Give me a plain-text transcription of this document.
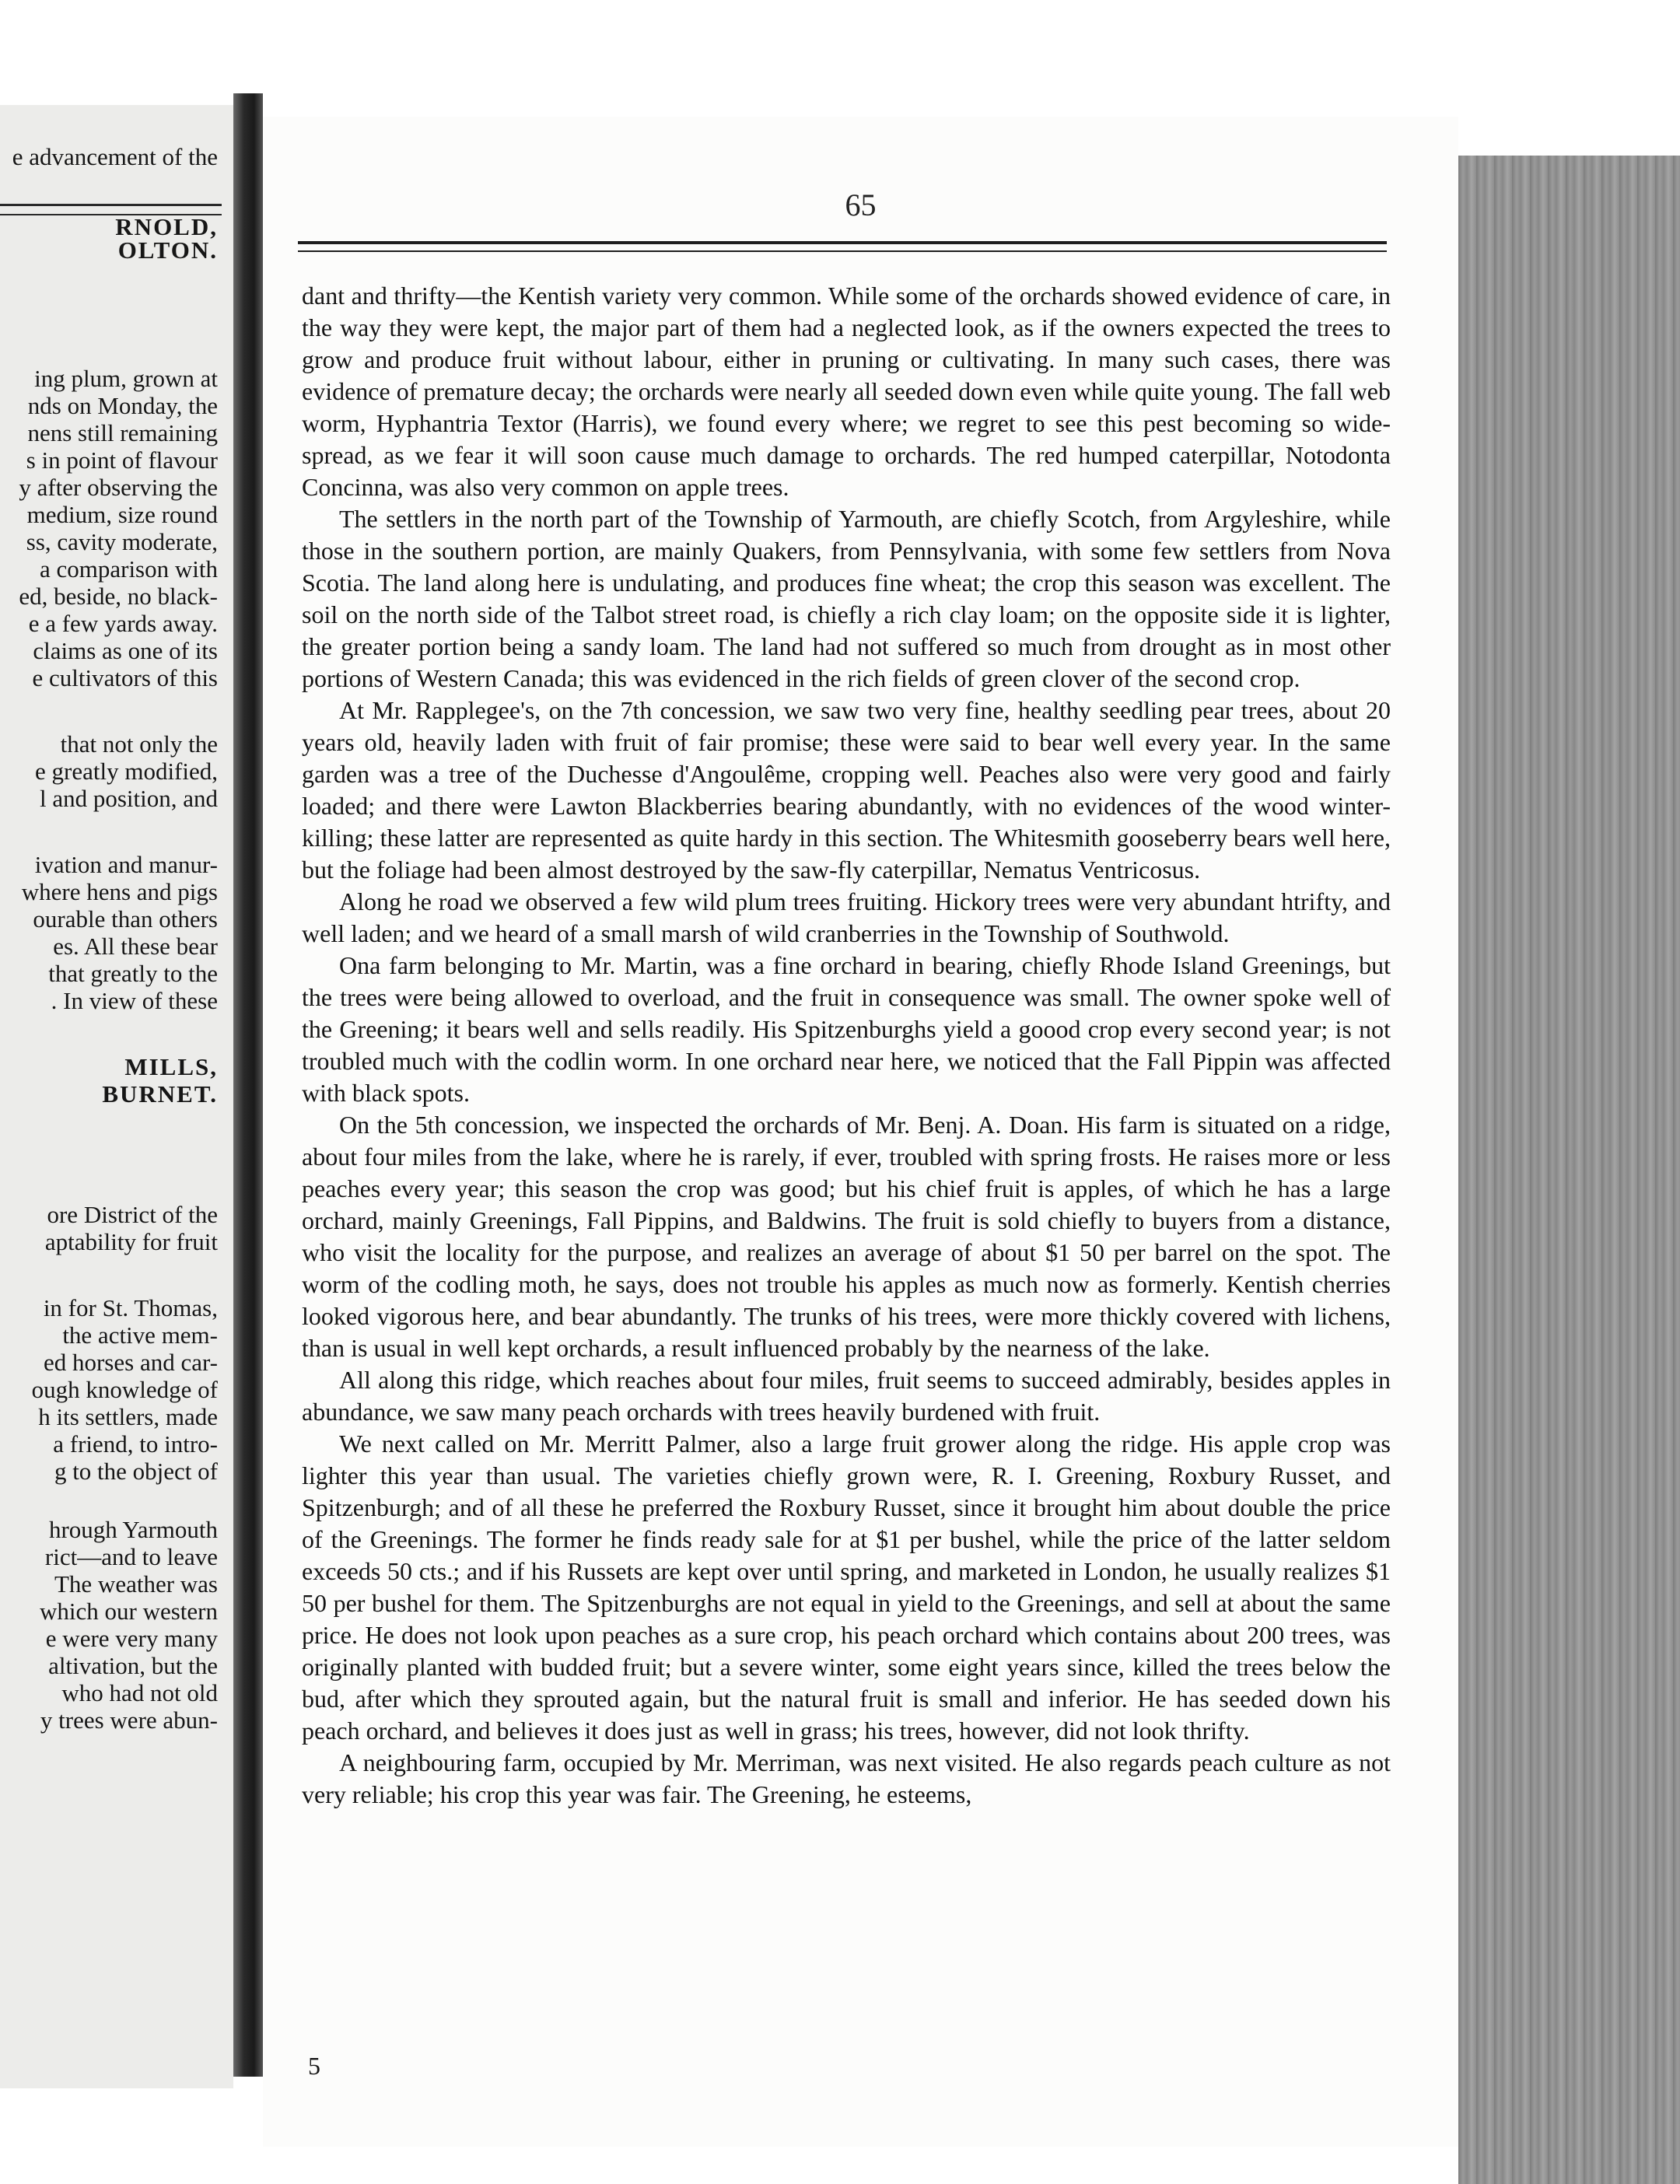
e advancement of the
RNOLD,
OLTON.
ing plum, grown at
nds on Monday, the
nens still remaining
s in point of flavour
y after observing the
medium, size round
ss, cavity moderate,
a comparison with
ed, beside, no black-
e a few yards away.
claims as one of its
e cultivators of this
that not only the
e greatly modified,
l and position, and
ivation and manur-
where hens and pigs
ourable than others
es. All these bear
that greatly to the
. In view of these
MILLS,
BURNET.
ore District of the
aptability for fruit
in for St. Thomas,
the active mem-
ed horses and car-
ough knowledge of
h its settlers, made
a friend, to intro-
g to the object of
hrough Yarmouth
rict—and to leave
The weather was
which our western
e were very many
altivation, but the
who had not old
y trees were abun-
65

dant and thrifty—the Kentish variety very common. While some of the orchards showed evidence of care, in the way they were kept, the major part of them had a neglected look, as if the owners expected the trees to grow and produce fruit without labour, either in pruning or cultivating. In many such cases, there was evidence of premature decay; the orchards were nearly all seeded down even while quite young. The fall web worm, Hyphantria Textor (Harris), we found every where; we regret to see this pest becoming so wide-spread, as we fear it will soon cause much damage to orchards. The red humped caterpillar, Notodonta Concinna, was also very common on apple trees.

The settlers in the north part of the Township of Yarmouth, are chiefly Scotch, from Argyleshire, while those in the southern portion, are mainly Quakers, from Pennsylvania, with some few settlers from Nova Scotia. The land along here is undulating, and produces fine wheat; the crop this season was excellent. The soil on the north side of the Talbot street road, is chiefly a rich clay loam; on the opposite side it is lighter, the greater portion being a sandy loam. The land had not suffered so much from drought as in most other portions of Western Canada; this was evidenced in the rich fields of green clover of the second crop.

At Mr. Rapplegee's, on the 7th concession, we saw two very fine, healthy seedling pear trees, about 20 years old, heavily laden with fruit of fair promise; these were said to bear well every year. In the same garden was a tree of the Duchesse d'Angoulême, cropping well. Peaches also were very good and fairly loaded; and there were Lawton Blackberries bearing abundantly, with no evidences of the wood winter-killing; these latter are represented as quite hardy in this section. The Whitesmith gooseberry bears well here, but the foliage had been almost destroyed by the saw-fly caterpillar, Nematus Ventricosus.

Along he road we observed a few wild plum trees fruiting. Hickory trees were very abundant htrifty, and well laden; and we heard of a small marsh of wild cranberries in the Township of Southwold.

Ona farm belonging to Mr. Martin, was a fine orchard in bearing, chiefly Rhode Island Greenings, but the trees were being allowed to overload, and the fruit in consequence was small. The owner spoke well of the Greening; it bears well and sells readily. His Spitzenburghs yield a goood crop every second year; is not troubled much with the codlin worm. In one orchard near here, we noticed that the Fall Pippin was affected with black spots.

On the 5th concession, we inspected the orchards of Mr. Benj. A. Doan. His farm is situated on a ridge, about four miles from the lake, where he is rarely, if ever, troubled with spring frosts. He raises more or less peaches every year; this season the crop was good; but his chief fruit is apples, of which he has a large orchard, mainly Greenings, Fall Pippins, and Baldwins. The fruit is sold chiefly to buyers from a distance, who visit the locality for the purpose, and realizes an average of about $1 50 per barrel on the spot. The worm of the codling moth, he says, does not trouble his apples as much now as formerly. Kentish cherries looked vigorous here, and bear abundantly. The trunks of his trees, were more thickly covered with lichens, than is usual in well kept orchards, a result influenced probably by the nearness of the lake.

All along this ridge, which reaches about four miles, fruit seems to succeed admirably, besides apples in abundance, we saw many peach orchards with trees heavily burdened with fruit.

We next called on Mr. Merritt Palmer, also a large fruit grower along the ridge. His apple crop was lighter this year than usual. The varieties chiefly grown were, R. I. Greening, Roxbury Russet, and Spitzenburgh; and of all these he preferred the Roxbury Russet, since it brought him about double the price of the Greenings. The former he finds ready sale for at $1 per bushel, while the price of the latter seldom exceeds 50 cts.; and if his Russets are kept over until spring, and marketed in London, he usually realizes $1 50 per bushel for them. The Spitzenburghs are not equal in yield to the Greenings, and sell at about the same price. He does not look upon peaches as a sure crop, his peach orchard which contains about 200 trees, was originally planted with budded fruit; but a severe winter, some eight years since, killed the trees below the bud, after which they sprouted again, but the natural fruit is small and inferior. He has seeded down his peach orchard, and believes it does just as well in grass; his trees, however, did not look thrifty.

A neighbouring farm, occupied by Mr. Merriman, was next visited. He also regards peach culture as not very reliable; his crop this year was fair. The Greening, he esteems,

5
